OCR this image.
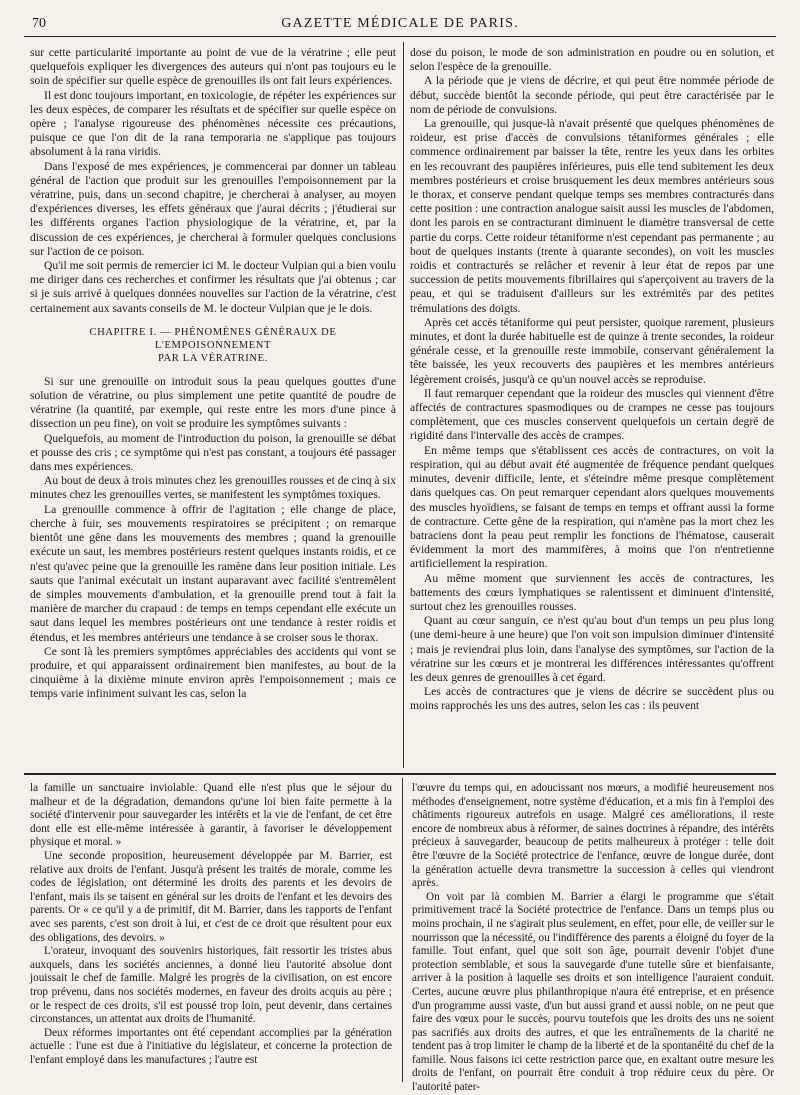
70	GAZETTE MÉDICALE DE PARIS.

sur cette particularité importante au point de vue de la vératrine ; elle peut quelquefois expliquer les divergences des auteurs qui n'ont pas toujours eu le soin de spécifier sur quelle espèce de grenouilles ils ont fait leurs expériences.

Il est donc toujours important, en toxicologie, de répéter les expériences sur les deux espèces, de comparer les résultats et de spécifier sur quelle espèce on opère ; l'analyse rigoureuse des phénomènes nécessite ces précautions, puisque ce que l'on dit de la rana temporaria ne s'applique pas toujours absolument à la rana viridis.

Dans l'exposé de mes expériences, je commencerai par donner un tableau général de l'action que produit sur les grenouilles l'empoisonnement par la vératrine, puis, dans un second chapitre, je chercherai à analyser, au moyen d'expériences diverses, les effets généraux que j'aurai décrits ; j'étudierai sur les différents organes l'action physiologique de la vératrine, et, par la discussion de ces expériences, je chercherai à formuler quelques conclusions sur l'action de ce poison.

Qu'il me soit permis de remercier ici M. le docteur Vulpian qui a bien voulu me diriger dans ces recherches et confirmer les résultats que j'ai obtenus ; car si je suis arrivé à quelques données nouvelles sur l'action de la vératrine, c'est certainement aux savants conseils de M. le docteur Vulpian que je le dois.

CHAPITRE I. — PHÉNOMÈNES GÉNÉRAUX DE L'EMPOISONNEMENT
PAR LA VÉRATRINE.

Si sur une grenouille on introduit sous la peau quelques gouttes d'une solution de vératrine, ou plus simplement une petite quantité de poudre de vératrine (la quantité, par exemple, qui reste entre les mors d'une pince à dissection un peu fine), on voit se produire les symptômes suivants :

Quelquefois, au moment de l'introduction du poison, la grenouille se débat et pousse des cris ; ce symptôme qui n'est pas constant, a toujours été passager dans mes expériences.

Au bout de deux à trois minutes chez les grenouilles rousses et de cinq à six minutes chez les grenouilles vertes, se manifestent les symptômes toxiques.

La grenouille commence à offrir de l'agitation ; elle change de place, cherche à fuir, ses mouvements respiratoires se précipitent ; on remarque bientôt une gêne dans les mouvements des membres ; quand la grenouille exécute un saut, les membres postérieurs restent quelques instants roidis, et ce n'est qu'avec peine que la grenouille les ramène dans leur position initiale. Les sauts que l'animal exécutait un instant auparavant avec facilité s'entremêlent de simples mouvements d'ambulation, et la grenouille prend tout à fait la manière de marcher du crapaud : de temps en temps cependant elle exécute un saut dans lequel les membres postérieurs ont une tendance à rester roidis et étendus, et les membres antérieurs une tendance à se croiser sous le thorax.

Ce sont là les premiers symptômes appréciables des accidents qui vont se produire, et qui apparaissent ordinairement bien manifestes, au bout de la cinquième à la dixième minute environ après l'empoisonnement ; mais ce temps varie infiniment suivant les cas, selon la

dose du poison, le mode de son administration en poudre ou en solution, et selon l'espèce de la grenouille.

A la période que je viens de décrire, et qui peut être nommée période de début, succède bientôt la seconde période, qui peut être caractérisée par le nom de période de convulsions.

La grenouille, qui jusque-là n'avait présenté que quelques phénomènes de roideur, est prise d'accès de convulsions tétaniformes générales ; elle commence ordinairement par baisser la tête, rentre les yeux dans les orbites en les recouvrant des paupières inférieures, puis elle tend subitement les deux membres postérieurs et croise brusquement les deux membres antérieurs sous le thorax, et conserve pendant quelque temps ses membres contracturés dans cette position : une contraction analogue saisit aussi les muscles de l'abdomen, dont les parois en se contracturant diminuent le diamètre transversal de cette partie du corps. Cette roideur tétaniforme n'est cependant pas permanente ; au bout de quelques instants (trente à quarante secondes), on voit les muscles roidis et contracturés se relâcher et revenir à leur état de repos par une succession de petits mouvements fibrillaires qui s'aperçoivent au travers de la peau, et qui se traduisent d'ailleurs sur les extrémités par des petites trémulations des doigts.

Après cet accès tétaniforme qui peut persister, quoique rarement, plusieurs minutes, et dont la durée habituelle est de quinze à trente secondes, la roideur générale cesse, et la grenouille reste immobile, conservant généralement la tête baissée, les yeux recouverts des paupières et les membres antérieurs légèrement croisés, jusqu'à ce qu'un nouvel accès se reproduise.

Il faut remarquer cependant que la roideur des muscles qui viennent d'être affectés de contractures spasmodiques ou de crampes ne cesse pas toujours complètement, que ces muscles conservent quelquefois un certain degré de rigidité dans l'intervalle des accès de crampes.

En même temps que s'établissent ces accès de contractures, on voit la respiration, qui au début avait été augmentée de fréquence pendant quelques minutes, devenir difficile, lente, et s'éteindre même presque complètement dans quelques cas. On peut remarquer cependant alors quelques mouvements des muscles hyoïdiens, se faisant de temps en temps et offrant aussi la forme de contracture. Cette gêne de la respiration, qui n'amène pas la mort chez les batraciens dont la peau peut remplir les fonctions de l'hématose, causerait évidemment la mort des mammifères, à moins que l'on n'entretienne artificiellement la respiration.

Au même moment que surviennent les accès de contractures, les battements des cœurs lymphatiques se ralentissent et diminuent d'intensité, surtout chez les grenouilles rousses.

Quant au cœur sanguin, ce n'est qu'au bout d'un temps un peu plus long (une demi-heure à une heure) que l'on voit son impulsion diminuer d'intensité ; mais je reviendrai plus loin, dans l'analyse des symptômes, sur l'action de la vératrine sur les cœurs et je montrerai les différences intéressantes qu'offrent les deux genres de grenouilles à cet égard.

Les accès de contractures que je viens de décrire se succèdent plus ou moins rapprochés les uns des autres, selon les cas : ils peuvent

la famille un sanctuaire inviolable. Quand elle n'est plus que le séjour du malheur et de la dégradation, demandons qu'une loi bien faite permette à la société d'intervenir pour sauvegarder les intérêts et la vie de l'enfant, de cet être dont elle est elle-même intéressée à garantir, à favoriser le développement physique et moral. »

Une seconde proposition, heureusement développée par M. Barrier, est relative aux droits de l'enfant. Jusqu'à présent les traités de morale, comme les codes de législation, ont déterminé les droits des parents et les devoirs de l'enfant, mais ils se taisent en général sur les droits de l'enfant et les devoirs des parents. Or « ce qu'il y a de primitif, dit M. Barrier, dans les rapports de l'enfant avec ses parents, c'est son droit à lui, et c'est de ce droit que résultent pour eux des obligations, des devoirs. »

L'orateur, invoquant des souvenirs historiques, fait ressortir les tristes abus auxquels, dans les sociétés anciennes, a donné lieu l'autorité absolue dont jouissait le chef de famille. Malgré les progrès de la civilisation, on est encore trop prévenu, dans nos sociétés modernes, en faveur des droits acquis au père ; or le respect de ces droits, s'il est poussé trop loin, peut devenir, dans certaines circonstances, un attentat aux droits de l'humanité.

Deux réformes importantes ont été cependant accomplies par la génération actuelle : l'une est due à l'initiative du législateur, et concerne la protection de l'enfant employé dans les manufactures ; l'autre est

l'œuvre du temps qui, en adoucissant nos mœurs, a modifié heureusement nos méthodes d'enseignement, notre système d'éducation, et a mis fin à l'emploi des châtiments rigoureux autrefois en usage. Malgré ces améliorations, il reste encore de nombreux abus à réformer, de saines doctrines à répandre, des intérêts précieux à sauvegarder, beaucoup de petits malheureux à protéger : telle doit être l'œuvre de la Société protectrice de l'enfance, œuvre de longue durée, dont la génération actuelle devra transmettre la succession à celles qui viendront après.

On voit par là combien M. Barrier a élargi le programme que s'était primitivement tracé la Société protectrice de l'enfance. Dans un temps plus ou moins prochain, il ne s'agirait plus seulement, en effet, pour elle, de veiller sur le nourrisson que la nécessité, ou l'indifférence des parents a éloigné du foyer de la famille. Tout enfant, quel que soit son âge, pourrait devenir l'objet d'une protection semblable, et sous la sauvegarde d'une tutelle sûre et bienfaisante, arriver à la position à laquelle ses droits et son intelligence l'auraient conduit. Certes, aucune œuvre plus philanthropique n'aura été entreprise, et en présence d'un programme aussi vaste, d'un but aussi grand et aussi noble, on ne peut que faire des vœux pour le succès, pourvu toutefois que les droits des uns ne soient pas sacrifiés aux droits des autres, et que les entraînements de la charité ne tendent pas à trop limiter le champ de la liberté et de la spontanéité du chef de la famille. Nous faisons ici cette restriction parce que, en exaltant outre mesure les droits de l'enfant, on pourrait être conduit à trop réduire ceux du père. Or l'autorité pater-
